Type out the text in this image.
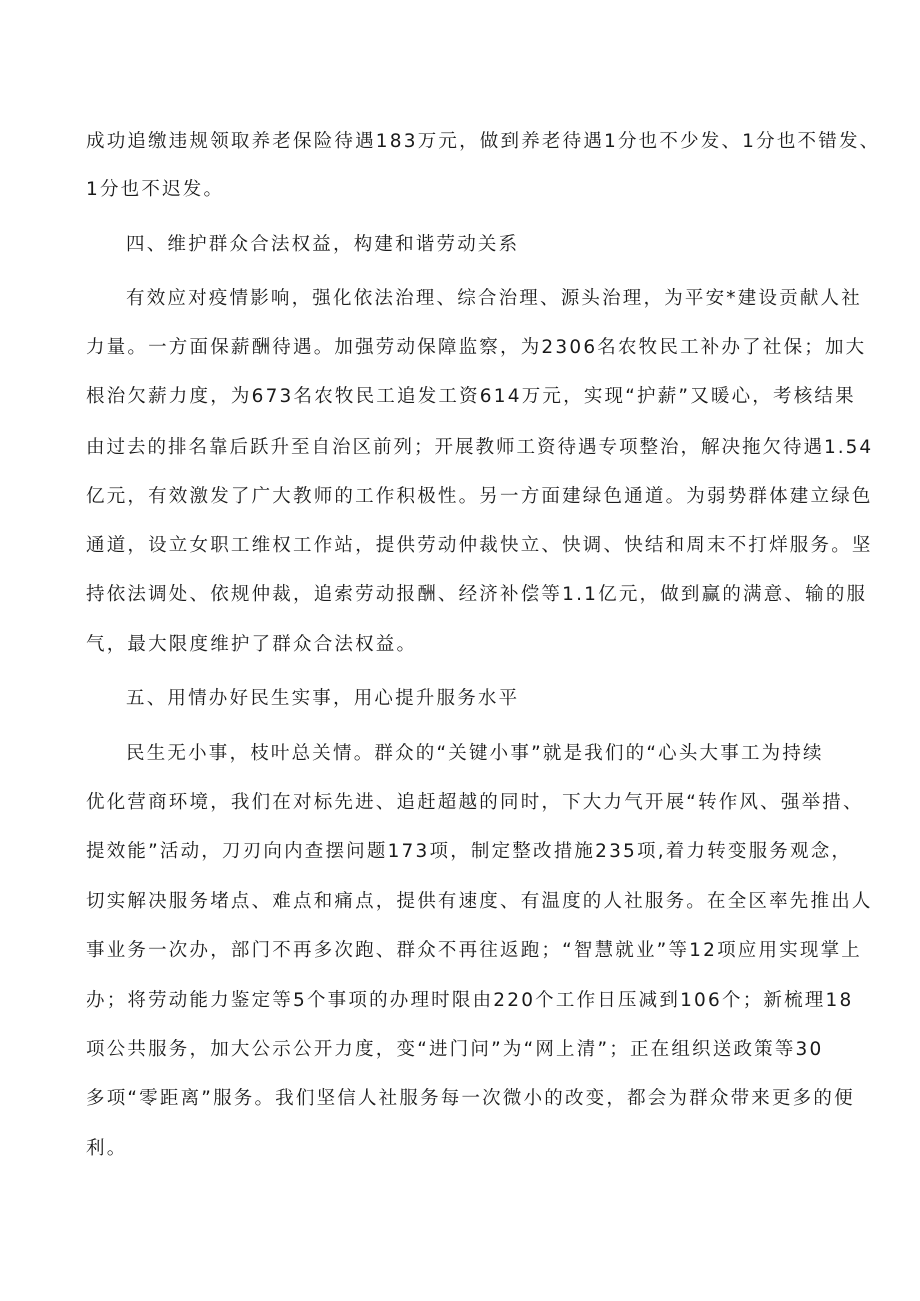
成功追缴违规领取养老保险待遇183万元，做到养老待遇1分也不少发、1分也不错发、
1分也不迟发。
四、维护群众合法权益，构建和谐劳动关系
有效应对疫情影响，强化依法治理、综合治理、源头治理，为平安*建设贡献人社
力量。一方面保薪酬待遇。加强劳动保障监察，为2306名农牧民工补办了社保；加大
根治欠薪力度，为673名农牧民工追发工资614万元，实现“护薪”又暖心，考核结果
由过去的排名靠后跃升至自治区前列；开展教师工资待遇专项整治，解决拖欠待遇1.54
亿元，有效激发了广大教师的工作积极性。另一方面建绿色通道。为弱势群体建立绿色
通道，设立女职工维权工作站，提供劳动仲裁快立、快调、快结和周末不打烊服务。坚
持依法调处、依规仲裁，追索劳动报酬、经济补偿等1.1亿元，做到赢的满意、输的服
气，最大限度维护了群众合法权益。
五、用情办好民生实事，用心提升服务水平
民生无小事，枝叶总关情。群众的“关键小事”就是我们的“心头大事工为持续
优化营商环境，我们在对标先进、追赶超越的同时，下大力气开展“转作风、强举措、
提效能”活动，刀刃向内查摆问题173项，制定整改措施235项,着力转变服务观念，
切实解决服务堵点、难点和痛点，提供有速度、有温度的人社服务。在全区率先推出人
事业务一次办，部门不再多次跑、群众不再往返跑；“智慧就业”等12项应用实现掌上
办；将劳动能力鉴定等5个事项的办理时限由220个工作日压减到106个；新梳理18
项公共服务，加大公示公开力度，变“进门问”为“网上清”；正在组织送政策等30
多项“零距离”服务。我们坚信人社服务每一次微小的改变，都会为群众带来更多的便
利。
